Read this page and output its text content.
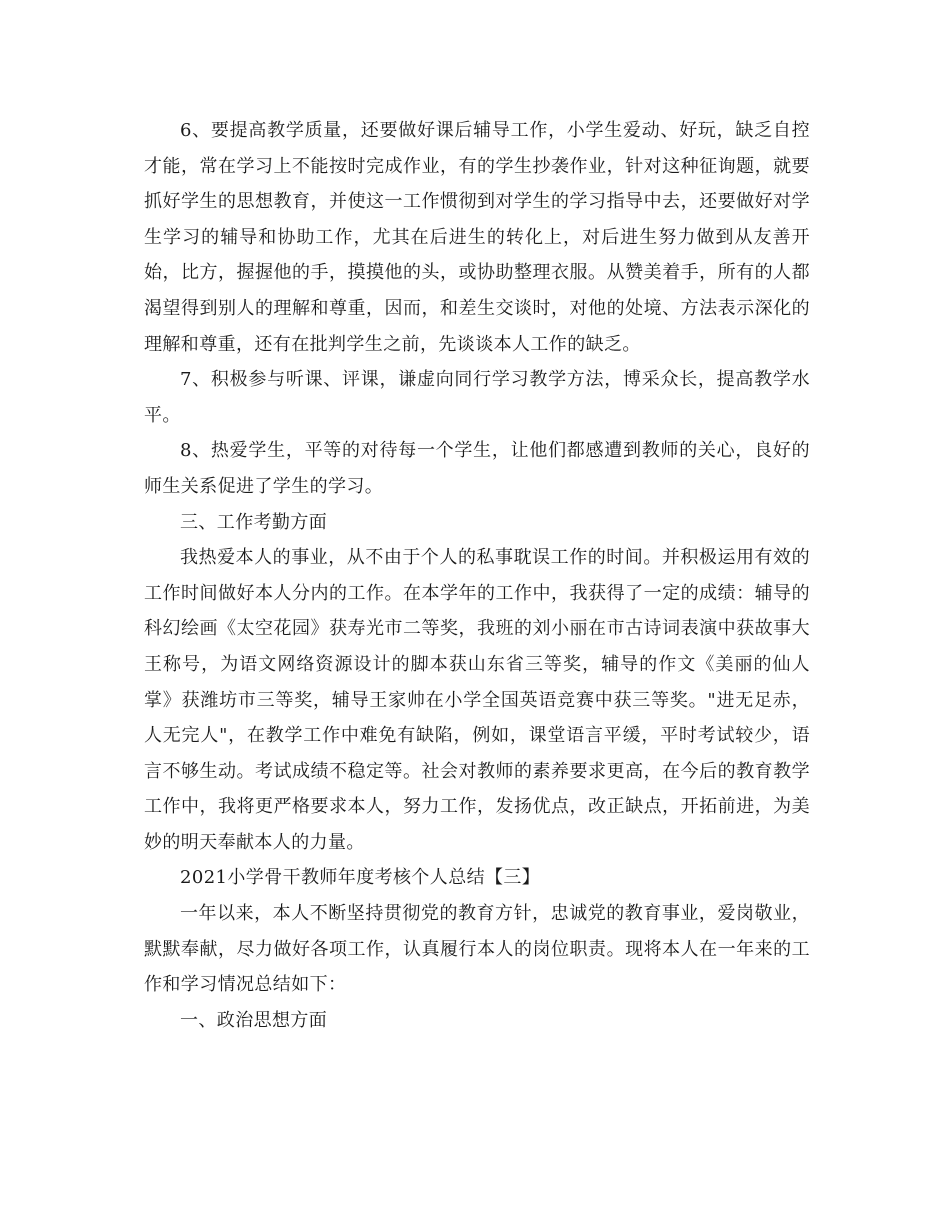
6、要提高教学质量，还要做好课后辅导工作，小学生爱动、好玩，缺乏自控才能，常在学习上不能按时完成作业，有的学生抄袭作业，针对这种征询题，就要抓好学生的思想教育，并使这一工作惯彻到对学生的学习指导中去，还要做好对学生学习的辅导和协助工作，尤其在后进生的转化上，对后进生努力做到从友善开始，比方，握握他的手，摸摸他的头，或协助整理衣服。从赞美着手，所有的人都渴望得到别人的理解和尊重，因而，和差生交谈时，对他的处境、方法表示深化的理解和尊重，还有在批判学生之前，先谈谈本人工作的缺乏。

7、积极参与听课、评课，谦虚向同行学习教学方法，博采众长，提高教学水平。

8、热爱学生，平等的对待每一个学生，让他们都感遭到教师的关心，良好的师生关系促进了学生的学习。

三、工作考勤方面

我热爱本人的事业，从不由于个人的私事耽误工作的时间。并积极运用有效的工作时间做好本人分内的工作。在本学年的工作中，我获得了一定的成绩：辅导的科幻绘画《太空花园》获寿光市二等奖，我班的刘小丽在市古诗词表演中获故事大王称号，为语文网络资源设计的脚本获山东省三等奖，辅导的作文《美丽的仙人掌》获潍坊市三等奖，辅导王家帅在小学全国英语竞赛中获三等奖。"进无足赤，人无完人"，在教学工作中难免有缺陷，例如，课堂语言平缓，平时考试较少，语言不够生动。考试成绩不稳定等。社会对教师的素养要求更高，在今后的教育教学工作中，我将更严格要求本人，努力工作，发扬优点，改正缺点，开拓前进，为美妙的明天奉献本人的力量。

2021小学骨干教师年度考核个人总结【三】

一年以来，本人不断坚持贯彻党的教育方针，忠诚党的教育事业，爱岗敬业，默默奉献，尽力做好各项工作，认真履行本人的岗位职责。现将本人在一年来的工作和学习情况总结如下：

一、政治思想方面
